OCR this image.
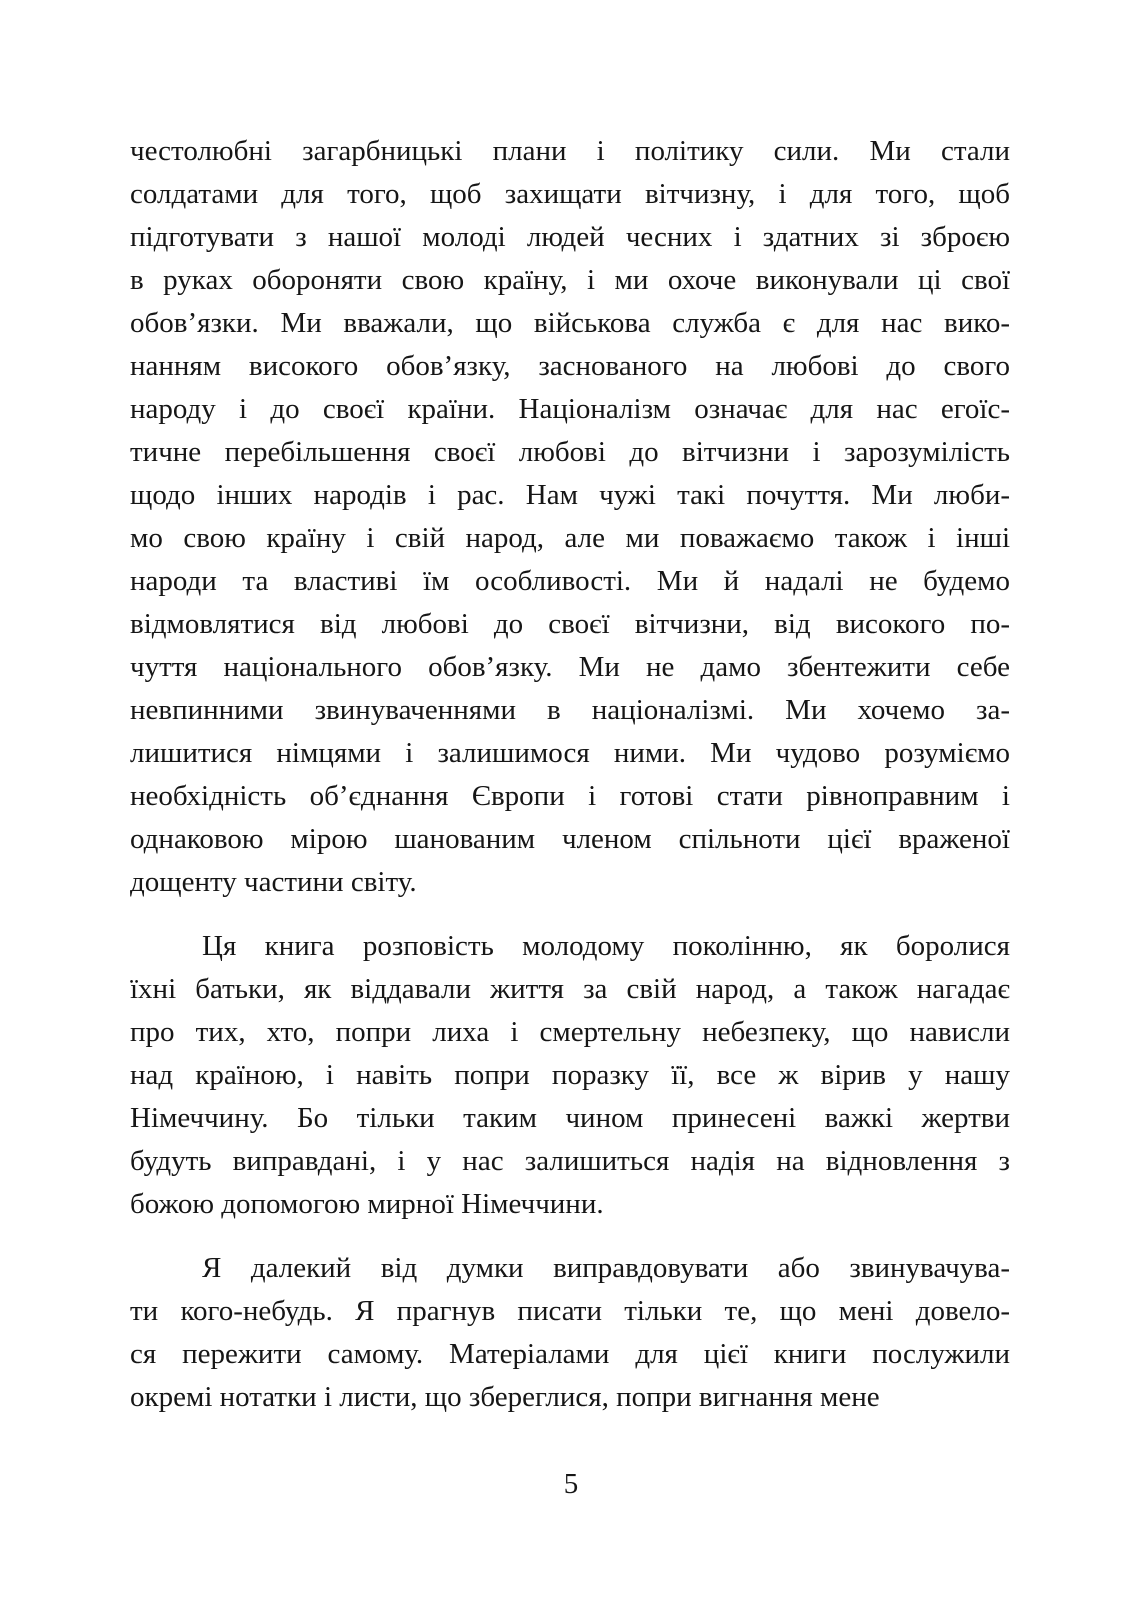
честолюбні загарбницькі плани і політику сили. Ми стали
солдатами для того, щоб захищати вітчизну, і для того, щоб
підготувати з нашої молоді людей чесних і здатних зі зброєю
в руках обороняти свою країну, і ми охоче виконували ці свої
обов’язки. Ми вважали, що військова служба є для нас вико-
нанням високого обов’язку, заснованого на любові до свого
народу і до своєї країни. Націоналізм означає для нас егоїс-
тичне перебільшення своєї любові до вітчизни і зарозумілість
щодо інших народів і рас. Нам чужі такі почуття. Ми люби-
мо свою країну і свій народ, але ми поважаємо також і інші
народи та властиві їм особливості. Ми й надалі не будемо
відмовлятися від любові до своєї вітчизни, від високого по-
чуття національного обов’язку. Ми не дамо збентежити себе
невпинними звинуваченнями в націоналізмі. Ми хочемо за-
лишитися німцями і залишимося ними. Ми чудово розуміємо
необхідність об’єднання Європи і готові стати рівноправним і
однаковою мірою шанованим членом спільноти цієї враженої
дощенту частини світу.

Ця книга розповість молодому поколінню, як боролися
їхні батьки, як віддавали життя за свій народ, а також нагадає
про тих, хто, попри лиха і смертельну небезпеку, що нависли
над країною, і навіть попри поразку її, все ж вірив у нашу
Німеччину. Бо тільки таким чином принесені важкі жертви
будуть виправдані, і у нас залишиться надія на відновлення з
божою допомогою мирної Німеччини.

Я далекий від думки виправдовувати або звинувачува-
ти кого-небудь. Я прагнув писати тільки те, що мені довело-
ся пережити самому. Матеріалами для цієї книги послужили
окремі нотатки і листи, що збереглися, попри вигнання мене

5
